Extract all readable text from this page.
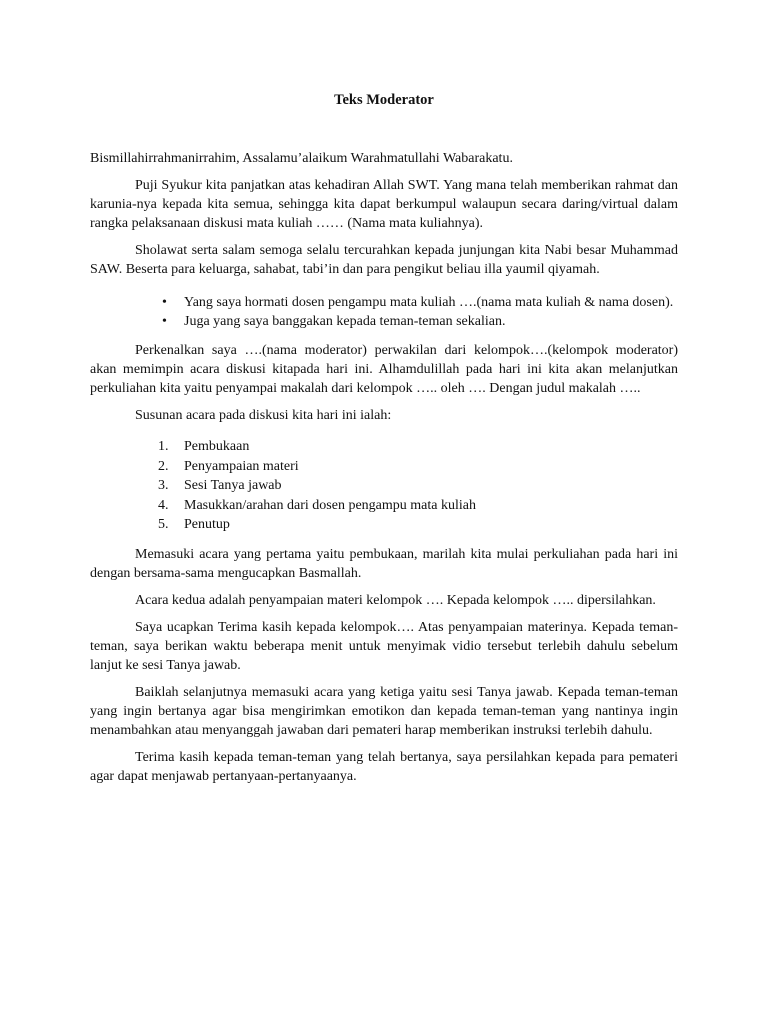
Teks Moderator

Bismillahirrahmanirrahim, Assalamu’alaikum Warahmatullahi Wabarakatu.

Puji Syukur kita panjatkan atas kehadiran Allah SWT. Yang mana telah memberikan rahmat dan karunia-nya kepada kita semua, sehingga kita dapat berkumpul walaupun secara daring/virtual dalam rangka pelaksanaan diskusi mata kuliah …… (Nama mata kuliahnya).

Sholawat serta salam semoga selalu tercurahkan kepada junjungan kita Nabi besar Muhammad SAW. Beserta para keluarga, sahabat, tabi’in dan para pengikut beliau illa yaumil qiyamah.

• Yang saya hormati dosen pengampu mata kuliah ….(nama mata kuliah & nama dosen).
• Juga yang saya banggakan kepada teman-teman sekalian.

Perkenalkan saya ….(nama moderator) perwakilan dari kelompok….(kelompok moderator) akan memimpin acara diskusi kitapada hari ini. Alhamdulillah pada hari ini kita akan melanjutkan perkuliahan kita yaitu penyampai makalah dari kelompok ….. oleh …. Dengan judul makalah …..

Susunan acara pada diskusi kita hari ini ialah:

1. Pembukaan
2. Penyampaian materi
3. Sesi Tanya jawab
4. Masukkan/arahan dari dosen pengampu mata kuliah
5. Penutup

Memasuki acara yang pertama yaitu pembukaan, marilah kita mulai perkuliahan pada hari ini dengan bersama-sama mengucapkan Basmallah.

Acara kedua adalah penyampaian materi kelompok …. Kepada kelompok ….. dipersilahkan.

Saya ucapkan Terima kasih kepada kelompok…. Atas penyampaian materinya. Kepada teman-teman, saya berikan waktu beberapa menit untuk menyimak vidio tersebut terlebih dahulu sebelum lanjut ke sesi Tanya jawab.

Baiklah selanjutnya memasuki acara yang ketiga yaitu sesi Tanya jawab. Kepada teman-teman yang ingin bertanya agar bisa mengirimkan emotikon dan kepada teman-teman yang nantinya ingin menambahkan atau menyanggah jawaban dari pemateri harap memberikan instruksi terlebih dahulu.

Terima kasih kepada teman-teman yang telah bertanya, saya persilahkan kepada para pemateri agar dapat menjawab pertanyaan-pertanyaanya.
